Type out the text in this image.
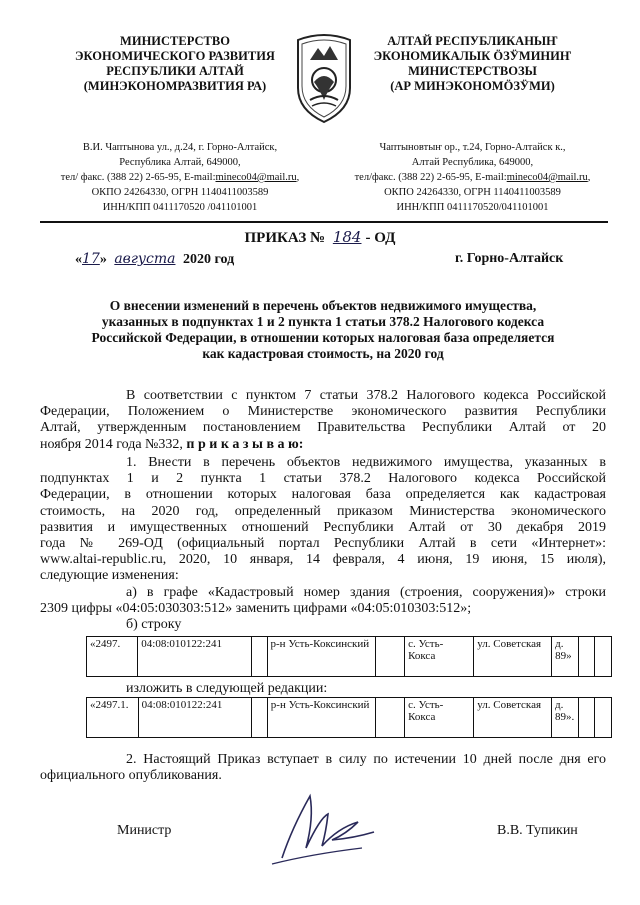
МИНИСТЕРСТВО
ЭКОНОМИЧЕСКОГО РАЗВИТИЯ
РЕСПУБЛИКИ АЛТАЙ
(МИНЭКОНОМРАЗВИТИЯ РА)
В.И. Чаптынова ул., д.24, г. Горно-Алтайск,
Республика Алтай, 649000,
тел/ факс. (388 22) 2-65-95, E-mail:mineco04@mail.ru,
ОКПО 24264330, ОГРН 1140411003589
ИНН/КПП 0411170520 /041101001
АЛТАЙ РЕСПУБЛИКАНЫҤ
ЭКОНОМИКАЛЫК ÖЗӰМИНИҤ
МИНИСТЕРСТВОЗЫ
(АР МИНЭКОНОМÖЗӰМИ)
Чаптыновтыҥ ор., т.24, Горно-Алтайск к.,
Алтай Республика, 649000,
тел/факс. (388 22) 2-65-95, E-mail:mineco04@mail.ru,
ОКПО 24264330, ОГРН 1140411003589
ИНН/КПП 0411170520/041101001
ПРИКАЗ № 184 - ОД
«17» августа 2020 год	г. Горно-Алтайск
О внесении изменений в перечень объектов недвижимого имущества,
указанных в подпунктах 1 и 2 пункта 1 статьи 378.2 Налогового кодекса
Российской Федерации, в отношении которых налоговая база определяется
как кадастровая стоимость, на 2020 год
В соответствии с пунктом 7 статьи 378.2 Налогового кодекса Российской
Федерации, Положением о Министерстве экономического развития Республики
Алтай, утвержденным постановлением Правительства Республики Алтай от 20
ноября 2014 года №332, п р и к а з ы в а ю:
1. Внести в перечень объектов недвижимого имущества, указанных в
подпунктах 1 и 2 пункта 1 статьи 378.2 Налогового кодекса Российской
Федерации, в отношении которых налоговая база определяется как кадастровая
стоимость, на 2020 год, определенный приказом Министерства экономического
развития и имущественных отношений Республики Алтай от 30 декабря 2019
года № 269-ОД (официальный портал Республики Алтай в сети «Интернет»:
www.altai-republic.ru, 2020, 10 января, 14 февраля, 4 июня, 19 июня, 15 июля),
следующие изменения:
а) в графе «Кадастровый номер здания (строения, сооружения)» строки
2309 цифры «04:05:030303:512» заменить цифрами «04:05:010303:512»;
б) строку
«2497.	04:08:010122:241		р-н Усть-Коксинский		с. Усть-Кокса	ул. Советская	д. 89»		
изложить в следующей редакции:
«2497.1.	04:08:010122:241		р-н Усть-Коксинский		с. Усть-Кокса	ул. Советская	д. 89».		
2. Настоящий Приказ вступает в силу по истечении 10 дней после дня его
официального опубликования.
Министр	В.В. Тупикин
